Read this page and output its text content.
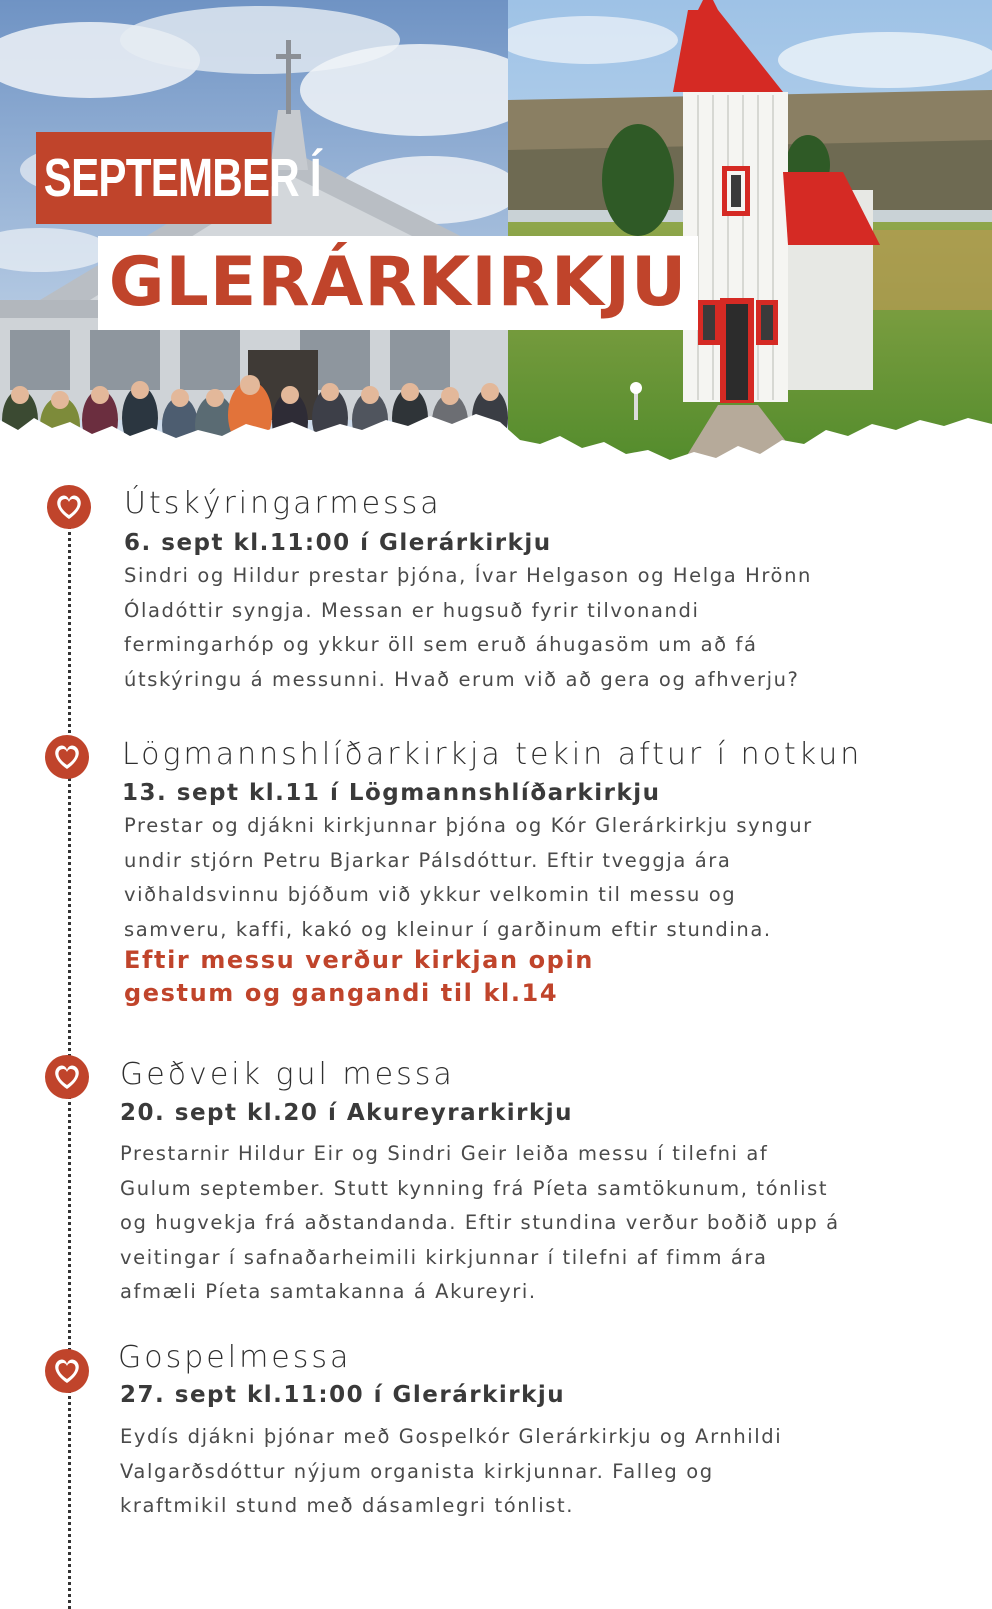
SEPTEMBER Í
GLERÁRKIRKJU
Útskýringarmessa
6. sept kl.11:00 í Glerárkirkju
Sindri og Hildur prestar þjóna, Ívar Helgason og Helga Hrönn
Óladóttir syngja. Messan er hugsuð fyrir tilvonandi
fermingarhóp og ykkur öll sem eruð áhugasöm um að fá
útskýringu á messunni. Hvað erum við að gera og afhverju?
Lögmannshlíðarkirkja tekin aftur í notkun
13. sept kl.11 í Lögmannshlíðarkirkju
Prestar og djákni kirkjunnar þjóna og Kór Glerárkirkju syngur
undir stjórn Petru Bjarkar Pálsdóttur. Eftir tveggja ára
viðhaldsvinnu bjóðum við ykkur velkomin til messu og
samveru, kaffi, kakó og kleinur í garðinum eftir stundina.
Eftir messu verður kirkjan opin
gestum og gangandi til kl.14
Geðveik gul messa
20. sept kl.20 í Akureyrarkirkju
Prestarnir Hildur Eir og Sindri Geir leiða messu í tilefni af
Gulum september. Stutt kynning frá Píeta samtökunum, tónlist
og hugvekja frá aðstandanda. Eftir stundina verður boðið upp á
veitingar í safnaðarheimili kirkjunnar í tilefni af fimm ára
afmæli Píeta samtakanna á Akureyri.
Gospelmessa
27. sept kl.11:00 í Glerárkirkju
Eydís djákni þjónar með Gospelkór Glerárkirkju og Arnhildi
Valgarðsdóttur nýjum organista kirkjunnar. Falleg og
kraftmikil stund með dásamlegri tónlist.
